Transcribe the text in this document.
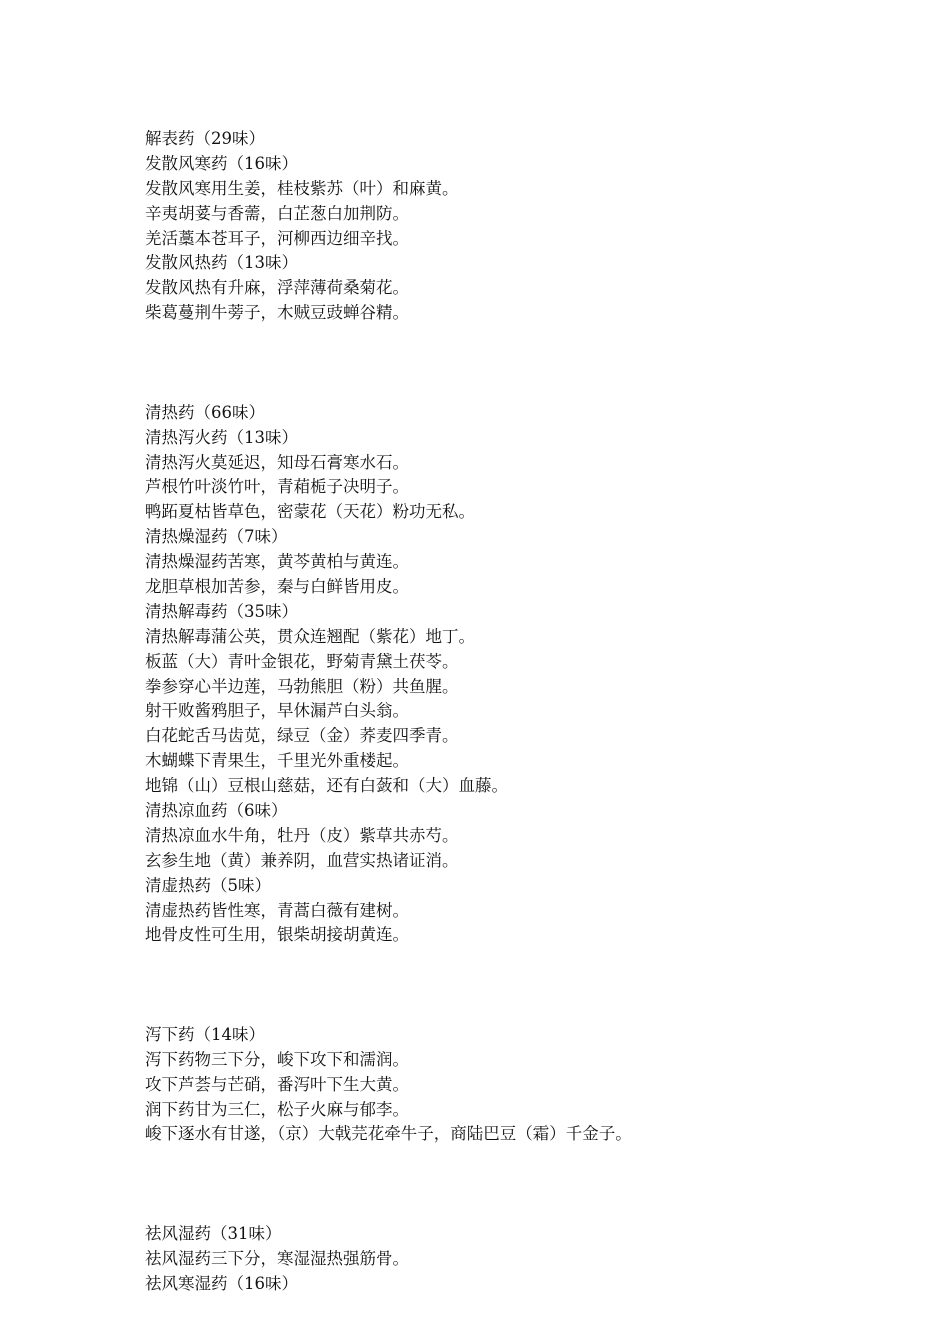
解表药（29味）

发散风寒药（16味）

发散风寒用生姜，桂枝紫苏（叶）和麻黄。

辛夷胡荽与香薷，白芷葱白加荆防。

羌活藁本苍耳子，河柳西边细辛找。

发散风热药（13味）

发散风热有升麻，浮萍薄荷桑菊花。

柴葛蔓荆牛蒡子，木贼豆豉蝉谷精。

清热药（66味）

清热泻火药（13味）

清热泻火莫延迟，知母石膏寒水石。

芦根竹叶淡竹叶，青葙栀子决明子。

鸭跖夏枯皆草色，密蒙花（天花）粉功无私。

清热燥湿药（7味）

清热燥湿药苦寒，黄芩黄柏与黄连。

龙胆草根加苦参，秦与白鲜皆用皮。

清热解毒药（35味）

清热解毒蒲公英，贯众连翘配（紫花）地丁。

板蓝（大）青叶金银花，野菊青黛土茯苓。

拳参穿心半边莲，马勃熊胆（粉）共鱼腥。

射干败酱鸦胆子，早休漏芦白头翁。

白花蛇舌马齿苋，绿豆（金）荞麦四季青。

木蝴蝶下青果生，千里光外重楼起。

地锦（山）豆根山慈菇，还有白蔹和（大）血藤。

清热凉血药（6味）

清热凉血水牛角，牡丹（皮）紫草共赤芍。

玄参生地（黄）兼养阴，血营实热诸证消。

清虚热药（5味）

清虚热药皆性寒，青蒿白薇有建树。

地骨皮性可生用，银柴胡接胡黄连。

泻下药（14味）

泻下药物三下分，峻下攻下和濡润。

攻下芦荟与芒硝，番泻叶下生大黄。

润下药甘为三仁，松子火麻与郁李。

峻下逐水有甘遂，（京）大戟芫花牵牛子，商陆巴豆（霜）千金子。

祛风湿药（31味）

祛风湿药三下分，寒湿湿热强筋骨。

祛风寒湿药（16味）
